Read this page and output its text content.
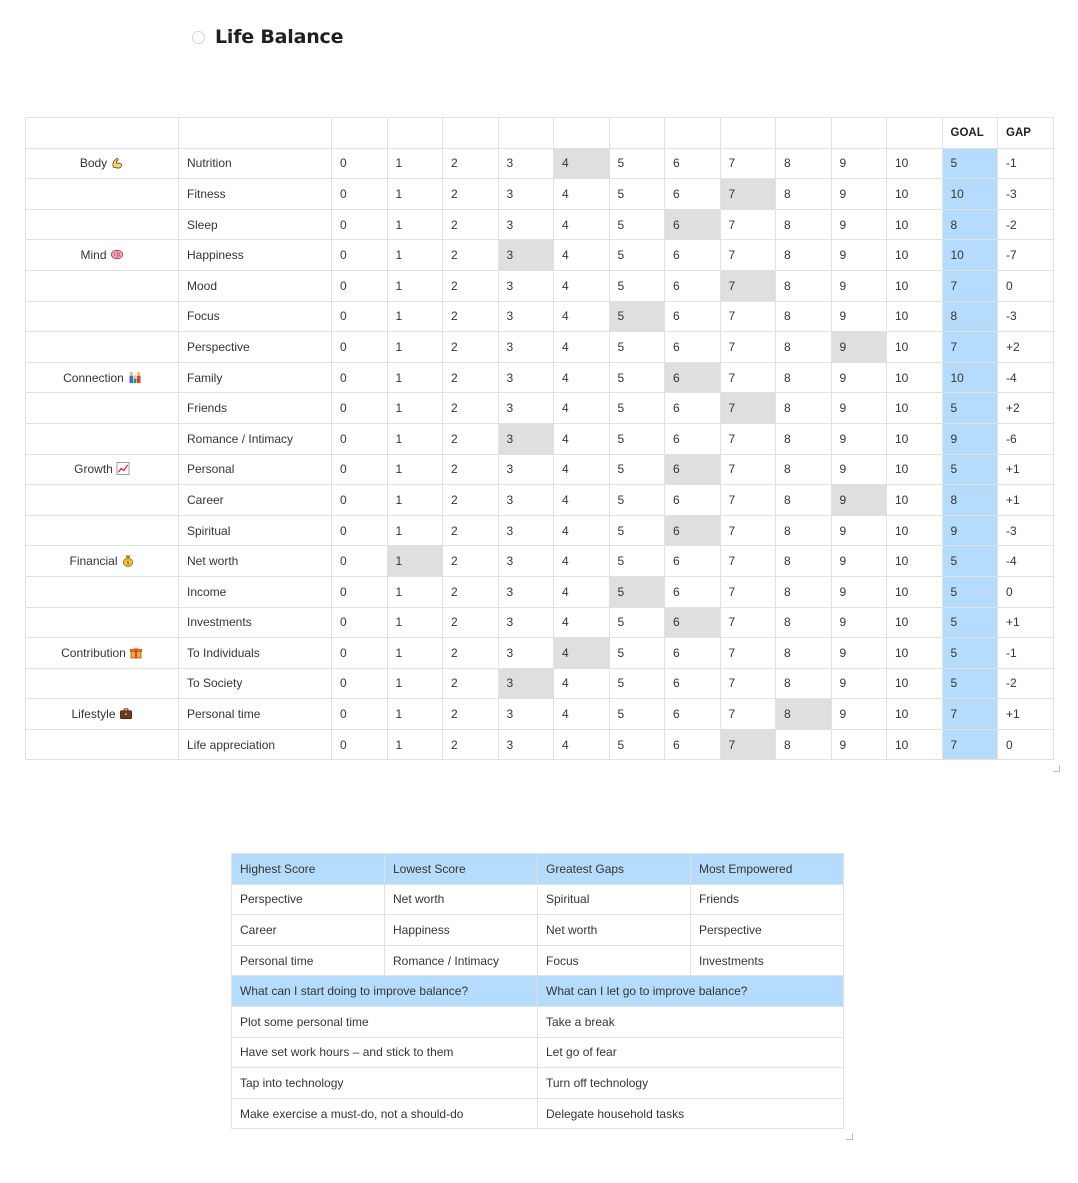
Life Balance
													GOAL	GAP
Body	Nutrition	0	1	2	3	4	5	6	7	8	9	10	5	-1
	Fitness	0	1	2	3	4	5	6	7	8	9	10	10	-3
	Sleep	0	1	2	3	4	5	6	7	8	9	10	8	-2
Mind	Happiness	0	1	2	3	4	5	6	7	8	9	10	10	-7
	Mood	0	1	2	3	4	5	6	7	8	9	10	7	0
	Focus	0	1	2	3	4	5	6	7	8	9	10	8	-3
	Perspective	0	1	2	3	4	5	6	7	8	9	10	7	+2
Connection	Family	0	1	2	3	4	5	6	7	8	9	10	10	-4
	Friends	0	1	2	3	4	5	6	7	8	9	10	5	+2
	Romance / Intimacy	0	1	2	3	4	5	6	7	8	9	10	9	-6
Growth	Personal	0	1	2	3	4	5	6	7	8	9	10	5	+1
	Career	0	1	2	3	4	5	6	7	8	9	10	8	+1
	Spiritual	0	1	2	3	4	5	6	7	8	9	10	9	-3
Financial $	Net worth	0	1	2	3	4	5	6	7	8	9	10	5	-4
	Income	0	1	2	3	4	5	6	7	8	9	10	5	0
	Investments	0	1	2	3	4	5	6	7	8	9	10	5	+1
Contribution	To Individuals	0	1	2	3	4	5	6	7	8	9	10	5	-1
	To Society	0	1	2	3	4	5	6	7	8	9	10	5	-2
Lifestyle	Personal time	0	1	2	3	4	5	6	7	8	9	10	7	+1
	Life appreciation	0	1	2	3	4	5	6	7	8	9	10	7	0
Highest Score	Lowest Score	Greatest Gaps	Most Empowered
Perspective	Net worth	Spiritual	Friends
Career	Happiness	Net worth	Perspective
Personal time	Romance / Intimacy	Focus	Investments
What can I start doing to improve balance?		What can I let go to improve balance?	
Plot some personal time		Take a break	
Have set work hours – and stick to them		Let go of fear	
Tap into technology		Turn off technology	
Make exercise a must-do, not a should-do		Delegate household tasks	
